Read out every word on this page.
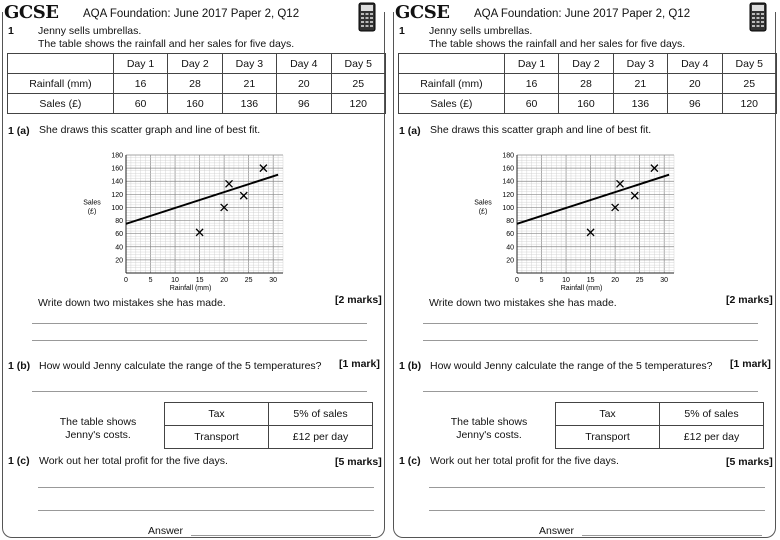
GCSE	AQA Foundation: June 2017 Paper 2, Q12
1 Jenny sells umbrellas.
The table shows the rainfall and her sales for five days.
	Day 1	Day 2	Day 3	Day 4	Day 5
Rainfall (mm)	16	28	21	20	25
Sales (£)	60	160	136	96	120
1 (a) She draws this scatter graph and line of best fit.
0	5	10 15 20 25 30
20
40
60
80
100
120
140
160
180
Rainfall (mm)
Sales
(£)
Write down two mistakes she has made.	[2 marks]
1 (b) How would Jenny calculate the range of the 5 temperatures? [1 mark]
The table shows
Jenny's costs.
Tax	5% of sales
Transport	£12 per day
1 (c) Work out her total profit for the five days.	[5 marks]
Answer
GCSE	AQA Foundation: June 2017 Paper 2, Q12
1 Jenny sells umbrellas.
The table shows the rainfall and her sales for five days.
	Day 1	Day 2	Day 3	Day 4	Day 5
Rainfall (mm)	16	28	21	20	25
Sales (£)	60	160	136	96	120
1 (a) She draws this scatter graph and line of best fit.
0	5	10 15 20 25 30
20
40
60
80
100
120
140
160
180
Rainfall (mm)
Sales
(£)
Write down two mistakes she has made.	[2 marks]
1 (b) How would Jenny calculate the range of the 5 temperatures? [1 mark]
The table shows
Jenny's costs.
Tax	5% of sales
Transport	£12 per day
1 (c) Work out her total profit for the five days.	[5 marks]
Answer
